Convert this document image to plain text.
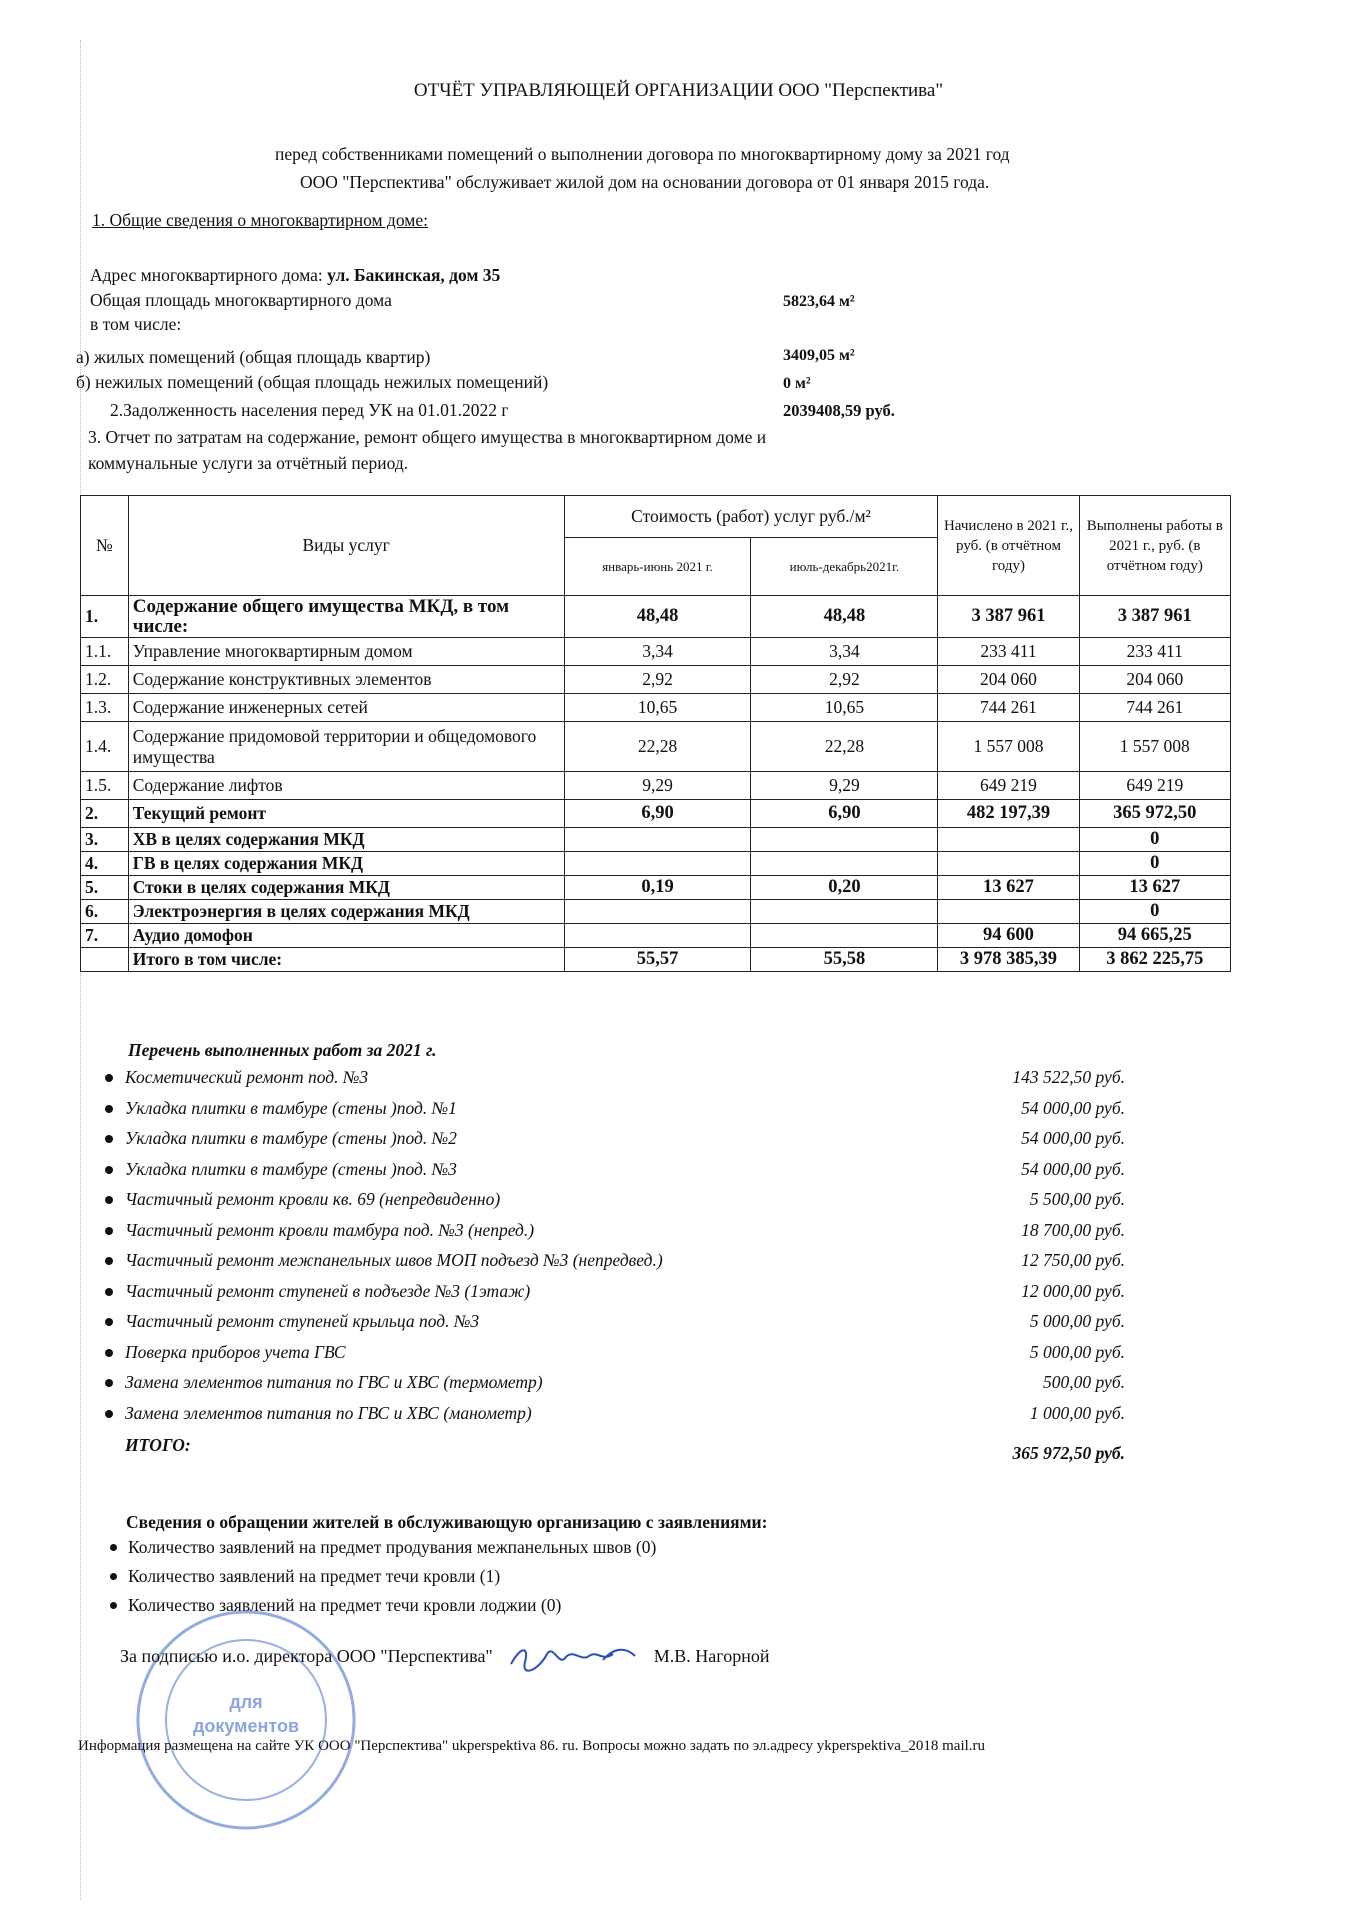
ОТЧЁТ УПРАВЛЯЮЩЕЙ ОРГАНИЗАЦИИ ООО "Перспектива"
перед собственниками помещений о выполнении договора по многоквартирному дому за 2021 год
ООО "Перспектива" обслуживает жилой дом на основании договора от 01 января 2015 года.
1. Общие сведения о многоквартирном доме:
Адрес многоквартирного дома: ул. Бакинская, дом 35
Общая площадь многоквартирного дома	5823,64 м²
в том числе:
а) жилых помещений (общая площадь квартир)	3409,05 м²
б) нежилых помещений (общая площадь нежилых помещений)	0 м²
2.Задолженность населения перед УК на 01.01.2022 г	2039408,59 руб.
3. Отчет по затратам на содержание, ремонт общего имущества в многоквартирном доме и
коммунальные услуги за отчётный период.
№	Виды услуг	Стоимость (работ) услуг руб./м²		Начислено в 2021 г., руб. (в отчётном году)	Выполнены работы в 2021 г., руб. (в отчётном году)
		январь-июнь 2021 г.	июль-декабрь2021г.		
1.	Содержание общего имущества МКД, в том числе:	48,48	48,48	3 387 961	3 387 961
1.1.	Управление многоквартирным домом	3,34	3,34	233 411	233 411
1.2.	Содержание конструктивных элементов	2,92	2,92	204 060	204 060
1.3.	Содержание инженерных сетей	10,65	10,65	744 261	744 261
1.4.	Содержание придомовой территории и общедомового имущества	22,28	22,28	1 557 008	1 557 008
1.5.	Содержание лифтов	9,29	9,29	649 219	649 219
2.	Текущий ремонт	6,90	6,90	482 197,39	365 972,50
3.	ХВ в целях содержания МКД				0
4.	ГВ в целях содержания МКД				0
5.	Стоки в целях содержания МКД	0,19	0,20	13 627	13 627
6.	Электроэнергия в целях содержания МКД				0
7.	Аудио домофон			94 600	94 665,25
	Итого в том числе:	55,57	55,58	3 978 385,39	3 862 225,75
Перечень выполненных работ за 2021 г.
Косметический ремонт под. №3	143 522,50 руб.
Укладка плитки в тамбуре (стены )под. №1	54 000,00 руб.
Укладка плитки в тамбуре (стены )под. №2	54 000,00 руб.
Укладка плитки в тамбуре (стены )под. №3	54 000,00 руб.
Частичный ремонт кровли кв. 69 (непредвиденно)	5 500,00 руб.
Частичный ремонт кровли тамбура под. №3 (непред.)	18 700,00 руб.
Частичный ремонт межпанельных швов МОП подъезд №3 (непредвед.)	12 750,00 руб.
Частичный ремонт ступеней в подъезде №3 (1этаж)	12 000,00 руб.
Частичный ремонт ступеней крыльца под. №3	5 000,00 руб.
Поверка приборов учета ГВС	5 000,00 руб.
Замена элементов питания по ГВС и ХВС (термометр)	500,00 руб.
Замена элементов питания по ГВС и ХВС (манометр)	1 000,00 руб.
ИТОГО:	365 972,50 руб.
Сведения о обращении жителей в обслуживающую организацию с заявлениями:
Количество заявлений на предмет продувания межпанельных швов (0)
Количество заявлений на предмет течи кровли (1)
Количество заявлений на предмет течи кровли лоджии (0)
для
документов
За подписью и.о. директора ООО "Перспектива"	М.В. Нагорной
Информация размещена на сайте УК ООО "Перспектива" ukperspektiva 86. ru. Вопросы можно задать по эл.адресу ykperspektiva_2018 mail.ru
